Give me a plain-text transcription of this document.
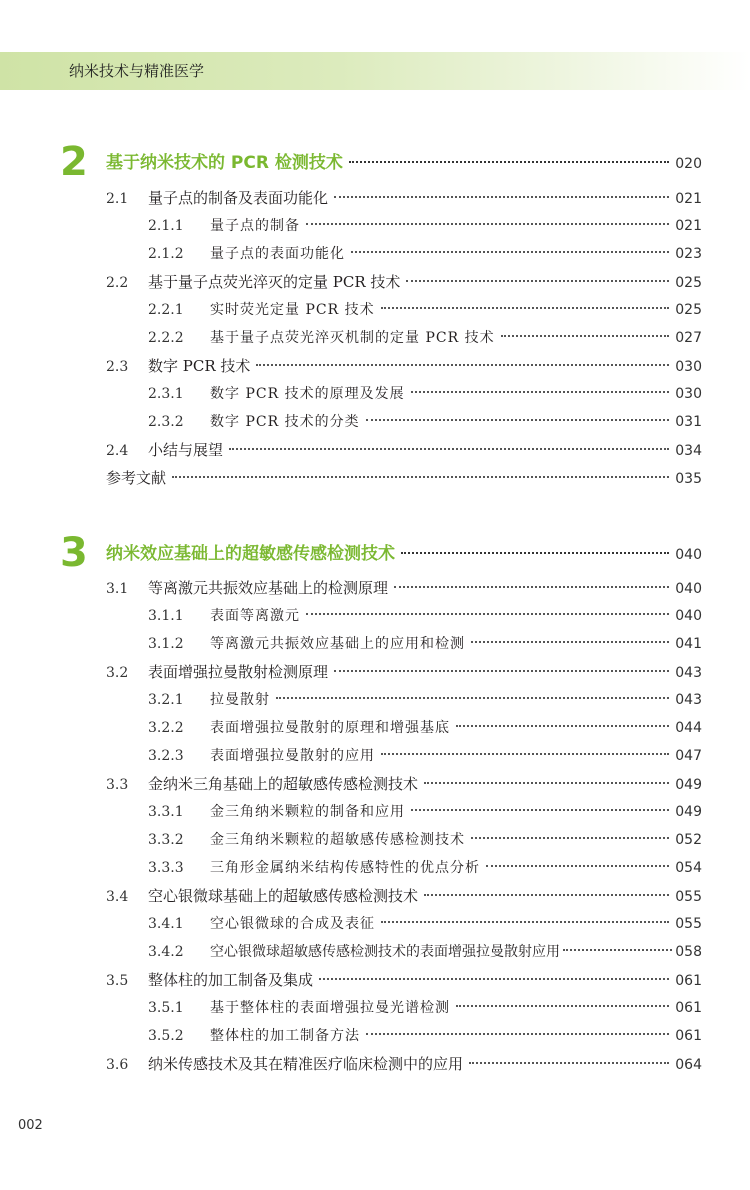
纳米技术与精准医学
2 基于纳米技术的 PCR 检测技术	020
2.1	量子点的制备及表面功能化	021
2.1.1	量子点的制备	021
2.1.2	量子点的表面功能化	023
2.2	基于量子点荧光淬灭的定量 PCR 技术	025
2.2.1	实时荧光定量 PCR 技术	025
2.2.2	基于量子点荧光淬灭机制的定量 PCR 技术	027
2.3	数字 PCR 技术	030
2.3.1	数字 PCR 技术的原理及发展	030
2.3.2	数字 PCR 技术的分类	031
2.4	小结与展望	034
参考文献	035
3 纳米效应基础上的超敏感传感检测技术	040
3.1	等离激元共振效应基础上的检测原理	040
3.1.1	表面等离激元	040
3.1.2	等离激元共振效应基础上的应用和检测	041
3.2	表面增强拉曼散射检测原理	043
3.2.1	拉曼散射	043
3.2.2	表面增强拉曼散射的原理和增强基底	044
3.2.3	表面增强拉曼散射的应用	047
3.3	金纳米三角基础上的超敏感传感检测技术	049
3.3.1	金三角纳米颗粒的制备和应用	049
3.3.2	金三角纳米颗粒的超敏感传感检测技术	052
3.3.3	三角形金属纳米结构传感特性的优点分析	054
3.4	空心银微球基础上的超敏感传感检测技术	055
3.4.1	空心银微球的合成及表征	055
3.4.2	空心银微球超敏感传感检测技术的表面增强拉曼散射应用	058
3.5	整体柱的加工制备及集成	061
3.5.1	基于整体柱的表面增强拉曼光谱检测	061
3.5.2	整体柱的加工制备方法	061
3.6	纳米传感技术及其在精准医疗临床检测中的应用	064
002
